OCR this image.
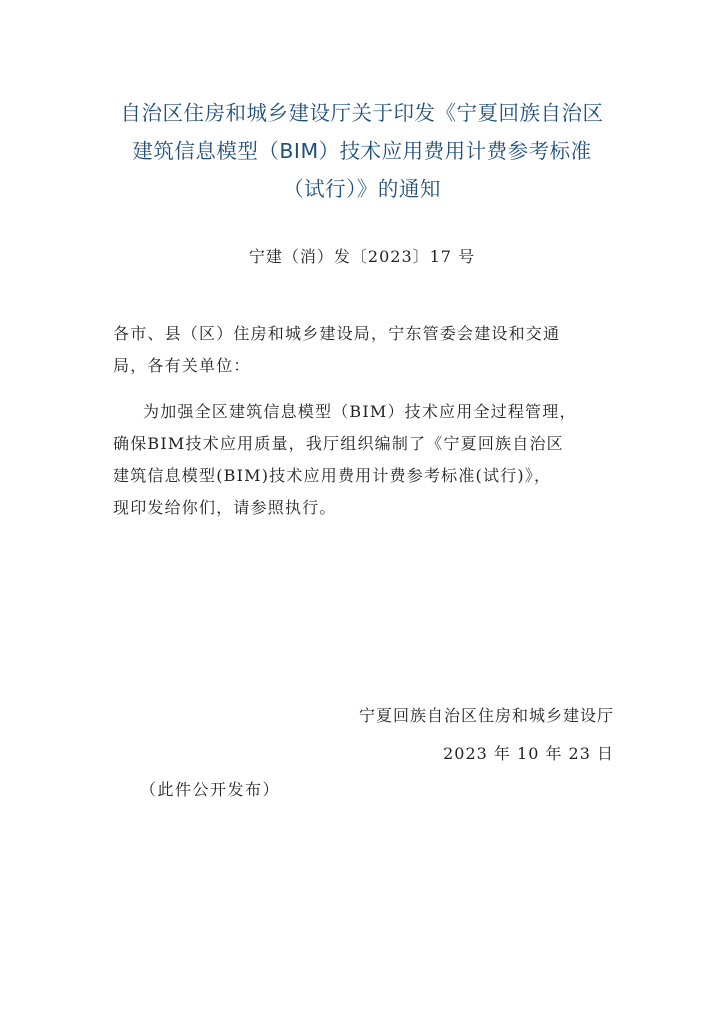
自治区住房和城乡建设厅关于印发《宁夏回族自治区
建筑信息模型（BIM）技术应用费用计费参考标准
（试行）》的通知
宁建（消）发〔2023〕17 号
各市、县（区）住房和城乡建设局，宁东管委会建设和交通
局，各有关单位：
为加强全区建筑信息模型（BIM）技术应用全过程管理，
确保BIM技术应用质量，我厅组织编制了《宁夏回族自治区
建筑信息模型(BIM)技术应用费用计费参考标准(试行)》，
现印发给你们，请参照执行。
宁夏回族自治区住房和城乡建设厅
2023 年 10 年 23 日
（此件公开发布）
